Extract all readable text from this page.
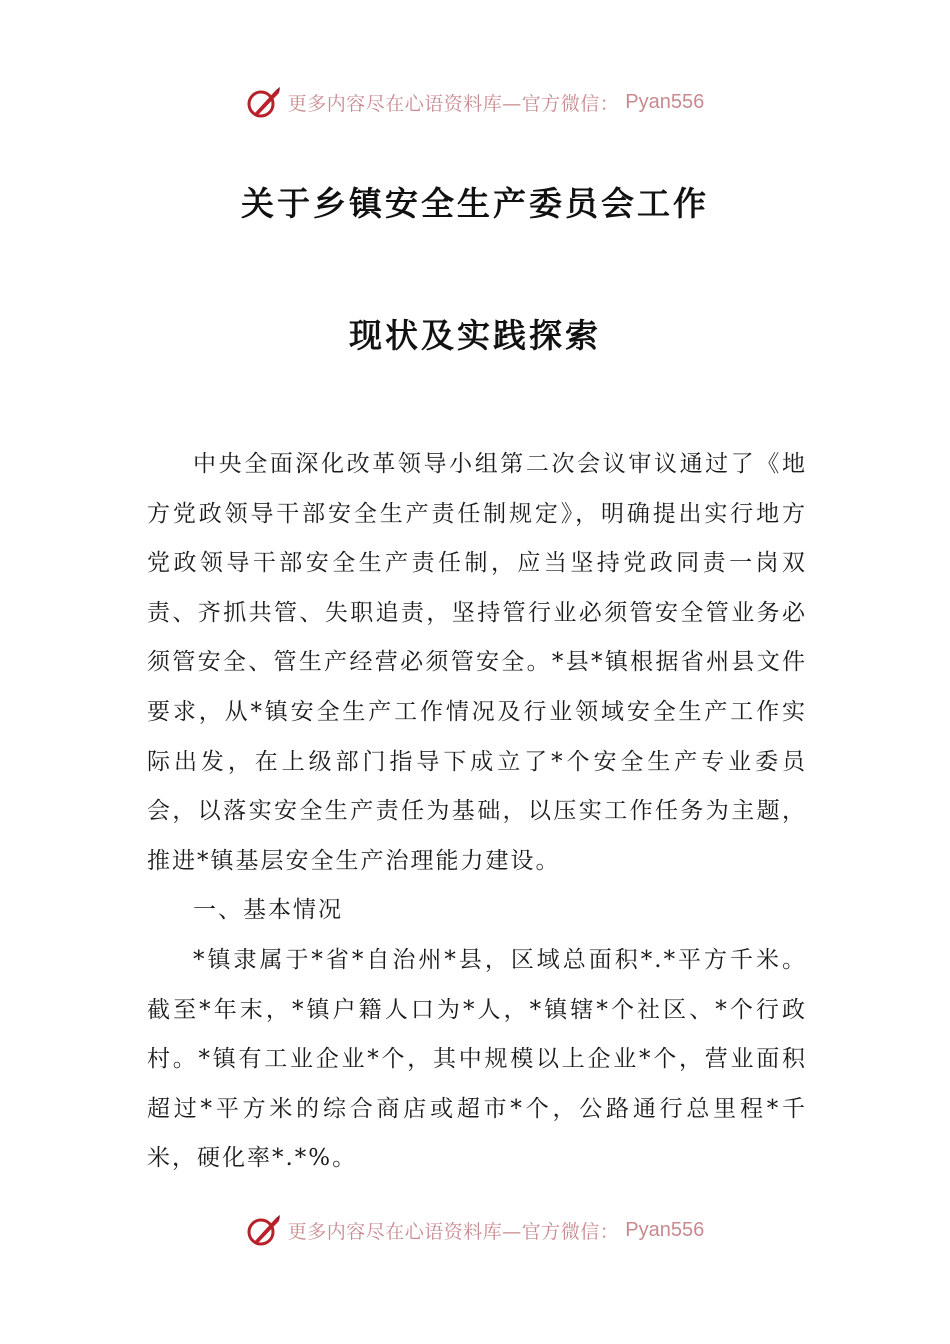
更多内容尽在心语资料库—官方微信： Pyan556
关于乡镇安全生产委员会工作
现状及实践探索

中央全面深化改革领导小组第二次会议审议通过了《地方党政领导干部安全生产责任制规定》，明确提出实行地方党政领导干部安全生产责任制，应当坚持党政同责一岗双责、齐抓共管、失职追责，坚持管行业必须管安全管业务必须管安全、管生产经营必须管安全。*县*镇根据省州县文件要求，从*镇安全生产工作情况及行业领域安全生产工作实际出发，在上级部门指导下成立了*个安全生产专业委员会，以落实安全生产责任为基础，以压实工作任务为主题，推进*镇基层安全生产治理能力建设。

一、基本情况

*镇隶属于*省*自治州*县，区域总面积*.*平方千米。截至*年末，*镇户籍人口为*人，*镇辖*个社区、*个行政村。*镇有工业企业*个，其中规模以上企业*个，营业面积超过*平方米的综合商店或超市*个，公路通行总里程*千米，硬化率*.*%。

更多内容尽在心语资料库—官方微信： Pyan556
